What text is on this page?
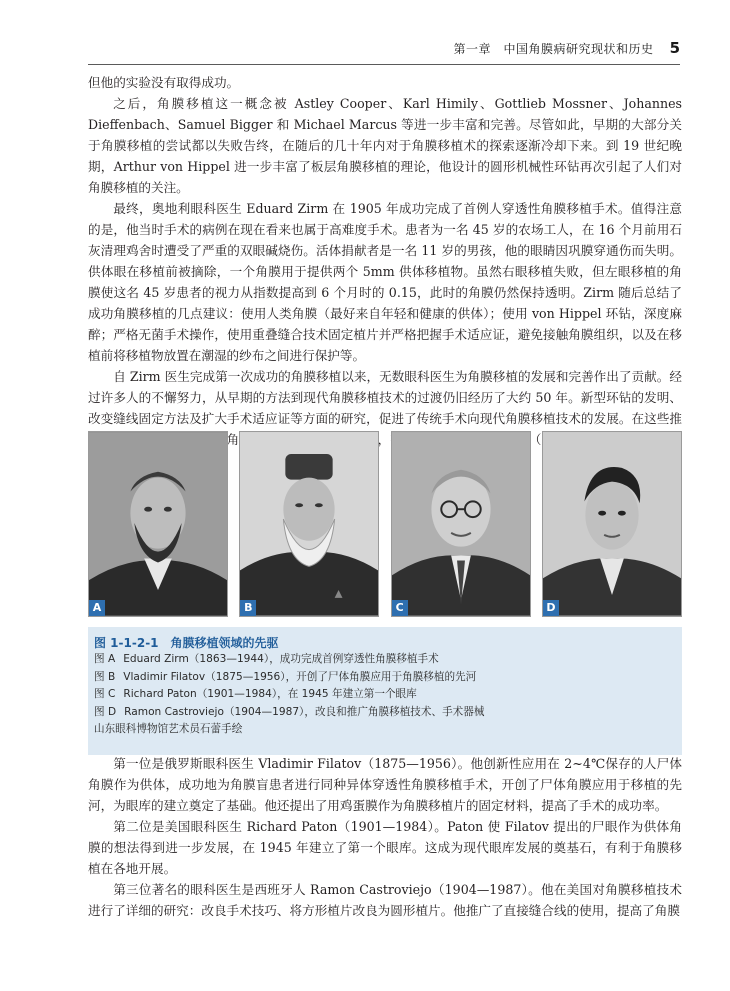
第一章　中国角膜病研究现状和历史 5

但他的实验没有取得成功。

之后，角膜移植这一概念被 Astley Cooper、Karl Himily、Gottlieb Mossner、Johannes Dieffenbach、Samuel Bigger 和 Michael Marcus 等进一步丰富和完善。尽管如此，早期的大部分关于角膜移植的尝试都以失败告终，在随后的几十年内对于角膜移植术的探索逐渐冷却下来。到 19 世纪晚期，Arthur von Hippel 进一步丰富了板层角膜移植的理论，他设计的圆形机械性环钻再次引起了人们对角膜移植的关注。

最终，奥地利眼科医生 Eduard Zirm 在 1905 年成功完成了首例人穿透性角膜移植手术。值得注意的是，他当时手术的病例在现在看来也属于高难度手术。患者为一名 45 岁的农场工人，在 16 个月前用石灰清理鸡舍时遭受了严重的双眼碱烧伤。活体捐献者是一名 11 岁的男孩，他的眼睛因巩膜穿通伤而失明。供体眼在移植前被摘除，一个角膜用于提供两个 5mm 供体移植物。虽然右眼移植失败，但左眼移植的角膜使这名 45 岁患者的视力从指数提高到 6 个月时的 0.15，此时的角膜仍然保持透明。Zirm 随后总结了成功角膜移植的几点建议：使用人类角膜（最好来自年轻和健康的供体）；使用 von Hippel 环钻，深度麻醉；严格无菌手术操作，使用重叠缝合技术固定植片并严格把握手术适应证，避免接触角膜组织，以及在移植前将移植物放置在潮湿的纱布之间进行保护等。

自 Zirm 医生完成第一次成功的角膜移植以来，无数眼科医生为角膜移植的发展和完善作出了贡献。经过许多人的不懈努力，从早期的方法到现代角膜移植技术的过渡仍旧经历了大约 50 年。新型环钻的发明、改变缝线固定方法及扩大手术适应证等方面的研究，促进了传统手术向现代角膜移植技术的发展。在这些推 代角膜 中，有 提（图

A	B	C	D
图 1-1-2-1 角膜移植领域的先驱
图 A Eduard Zirm（1863—1944），成功完成首例穿透性角膜移植手术
图 B Vladimir Filatov（1875—1956），开创了尸体角膜应用于角膜移植的先河
图 C Richard Paton（1901—1984），在 1945 年建立第一个眼库
图 D Ramon Castroviejo（1904—1987），改良和推广角膜移植技术、手术器械
山东眼科博物馆艺术员石蕾手绘

第一位是俄罗斯眼科医生 Vladimir Filatov（1875—1956）。他创新性应用在 2~4℃保存的人尸体角膜作为供体，成功地为角膜盲患者进行同种异体穿透性角膜移植手术，开创了尸体角膜应用于移植的先河，为眼库的建立奠定了基础。他还提出了用鸡蛋膜作为角膜移植片的固定材料，提高了手术的成功率。

第二位是美国眼科医生 Richard Paton（1901—1984）。Paton 使 Filatov 提出的尸眼作为供体角膜的想法得到进一步发展，在 1945 年建立了第一个眼库。这成为现代眼库发展的奠基石，有利于角膜移植在各地开展。

第三位著名的眼科医生是西班牙人 Ramon Castroviejo（1904—1987）。他在美国对角膜移植技术进行了详细的研究：改良手术技巧、将方形植片改良为圆形植片。他推广了直接缝合线的使用，提高了角膜
